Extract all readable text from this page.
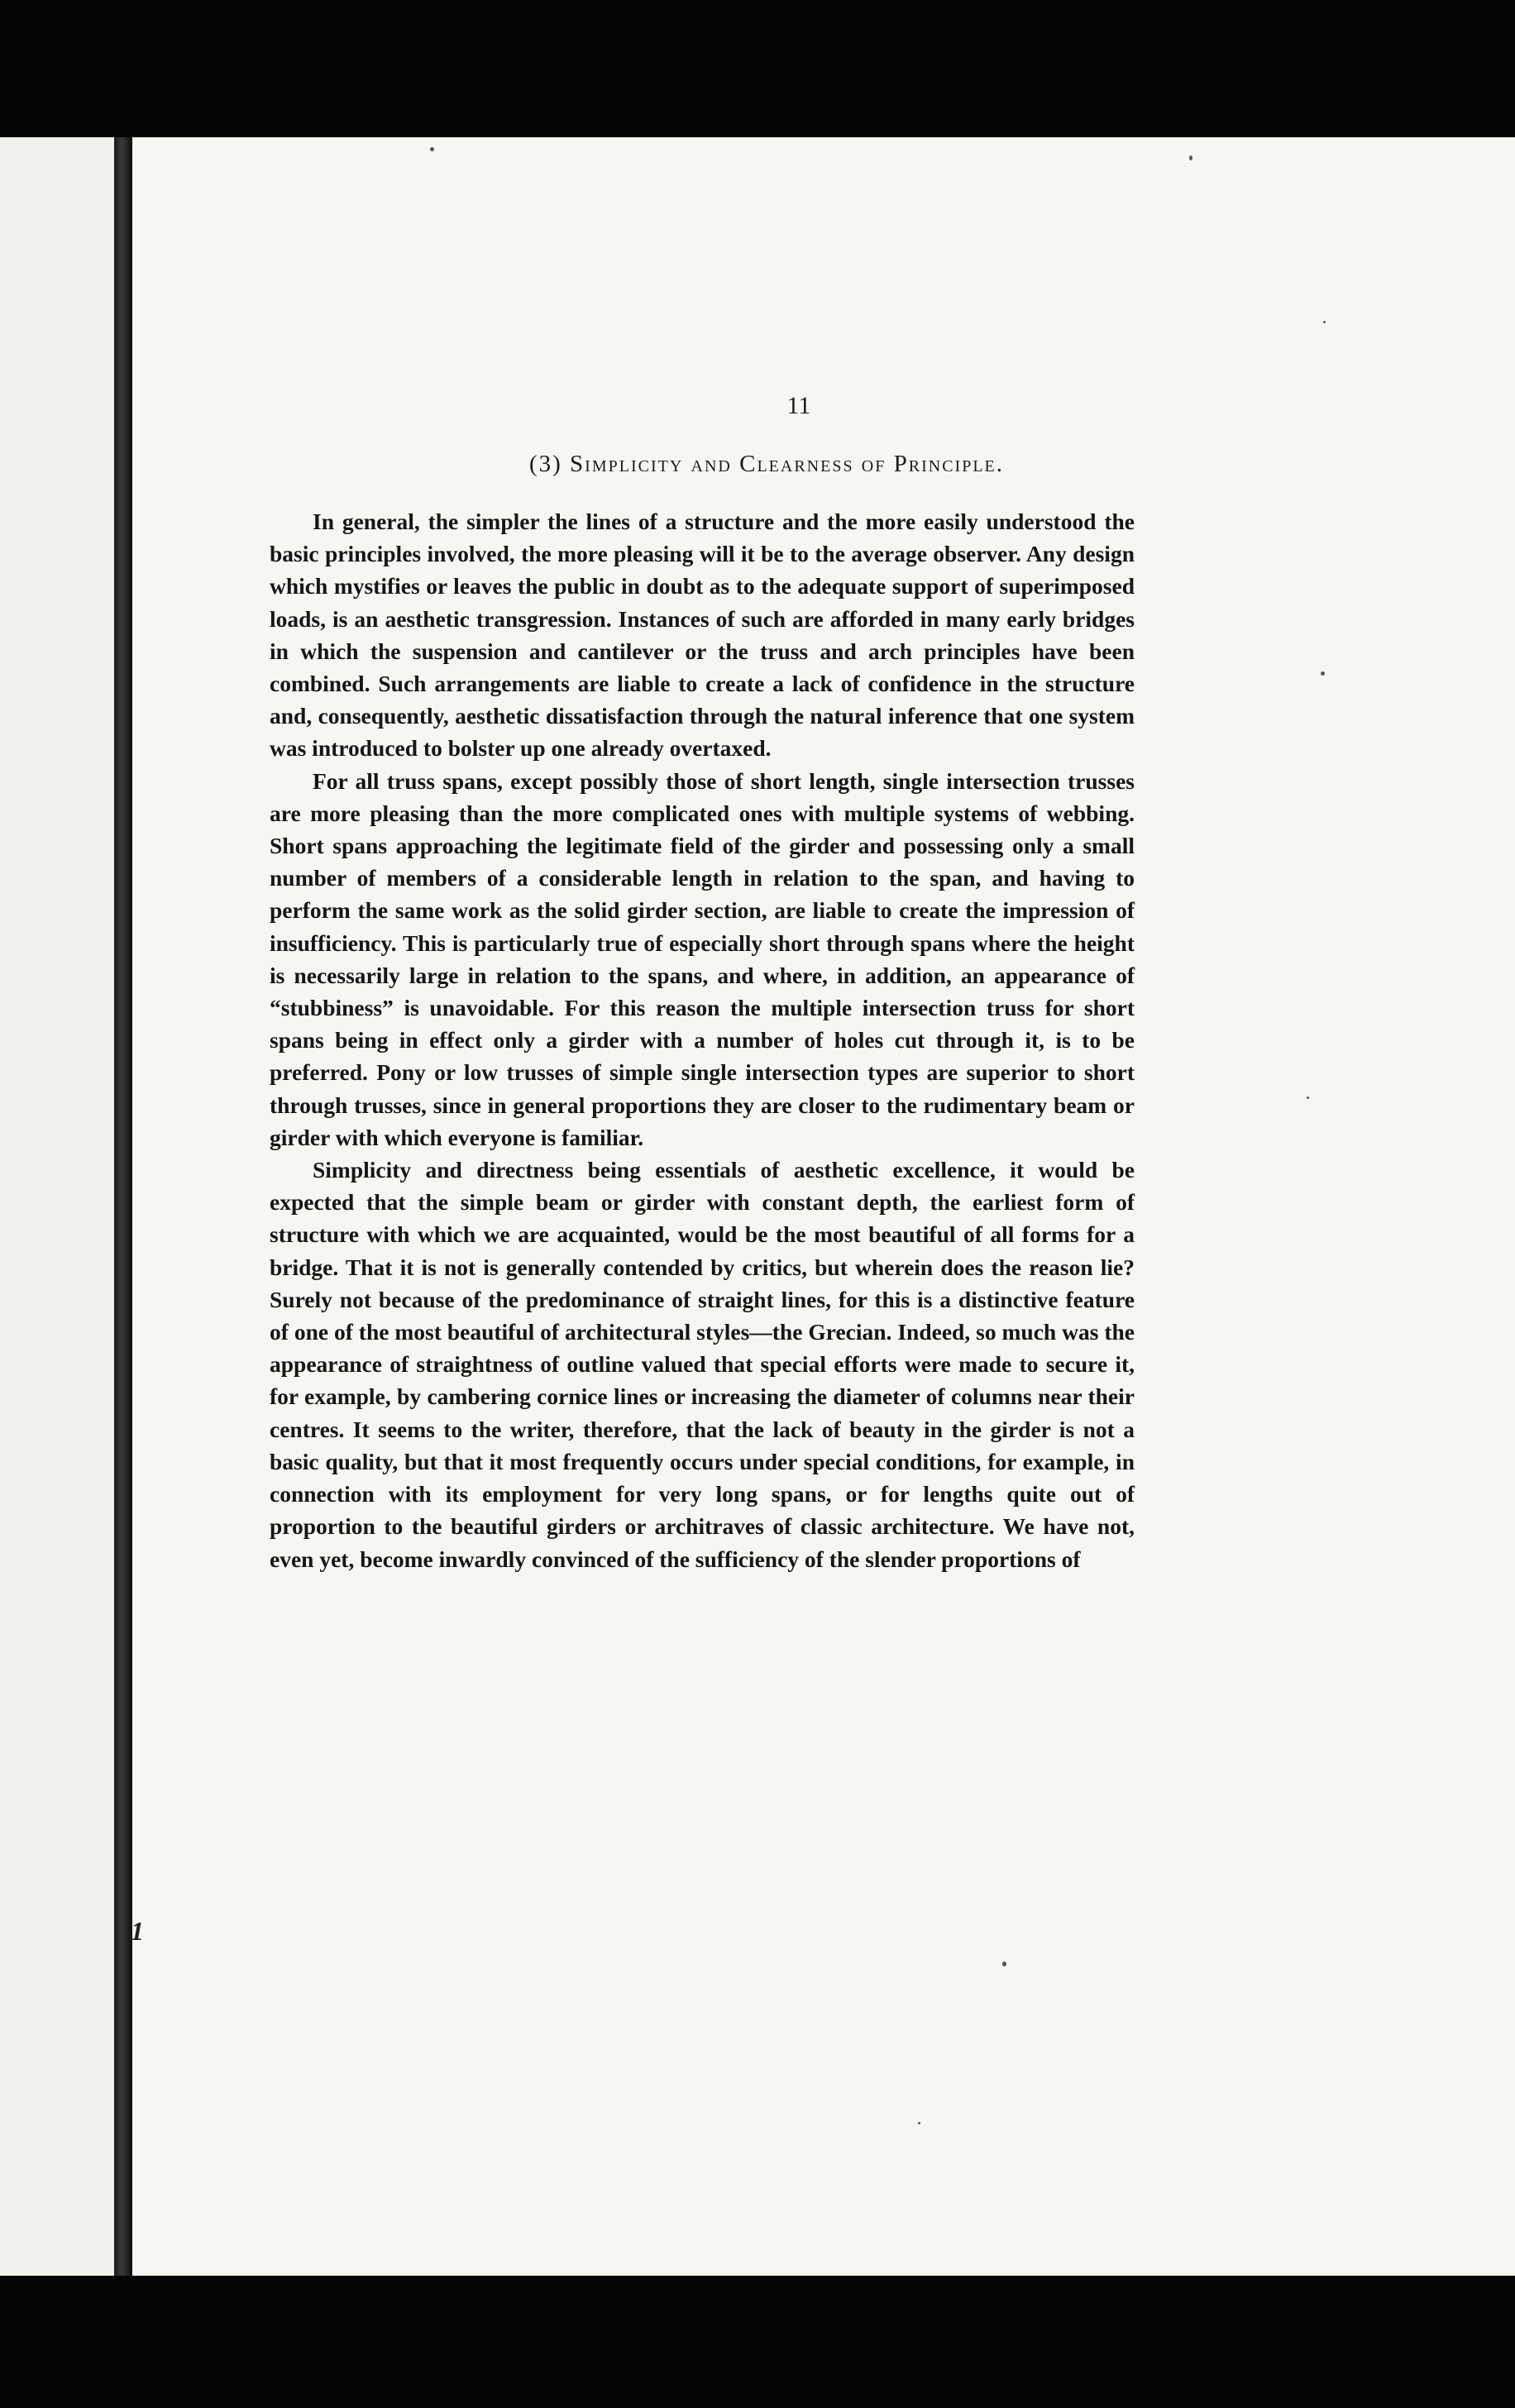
11

(3) Simplicity and Clearness of Principle.

In general, the simpler the lines of a structure and the more easily understood the basic principles involved, the more pleasing will it be to the average observer. Any design which mystifies or leaves the public in doubt as to the adequate support of superimposed loads, is an aesthetic transgression. Instances of such are afforded in many early bridges in which the suspension and cantilever or the truss and arch principles have been combined. Such arrangements are liable to create a lack of confidence in the structure and, consequently, aesthetic dissatisfaction through the natural inference that one system was introduced to bolster up one already overtaxed.

For all truss spans, except possibly those of short length, single intersection trusses are more pleasing than the more complicated ones with multiple systems of webbing. Short spans approaching the legitimate field of the girder and possessing only a small number of members of a considerable length in relation to the span, and having to perform the same work as the solid girder section, are liable to create the impression of insufficiency. This is particularly true of especially short through spans where the height is necessarily large in relation to the spans, and where, in addition, an appearance of “stubbiness” is unavoidable. For this reason the multiple intersection truss for short spans being in effect only a girder with a number of holes cut through it, is to be preferred. Pony or low trusses of simple single intersection types are superior to short through trusses, since in general proportions they are closer to the rudimentary beam or girder with which everyone is familiar.

Simplicity and directness being essentials of aesthetic excellence, it would be expected that the simple beam or girder with constant depth, the earliest form of structure with which we are acquainted, would be the most beautiful of all forms for a bridge. That it is not is generally contended by critics, but wherein does the reason lie? Surely not because of the predominance of straight lines, for this is a distinctive feature of one of the most beautiful of architectural styles—the Grecian. Indeed, so much was the appearance of straightness of outline valued that special efforts were made to secure it, for example, by cambering cornice lines or increasing the diameter of columns near their centres. It seems to the writer, therefore, that the lack of beauty in the girder is not a basic quality, but that it most frequently occurs under special conditions, for example, in connection with its employment for very long spans, or for lengths quite out of proportion to the beautiful girders or architraves of classic architecture. We have not, even yet, become inwardly convinced of the sufficiency of the slender proportions of

1
